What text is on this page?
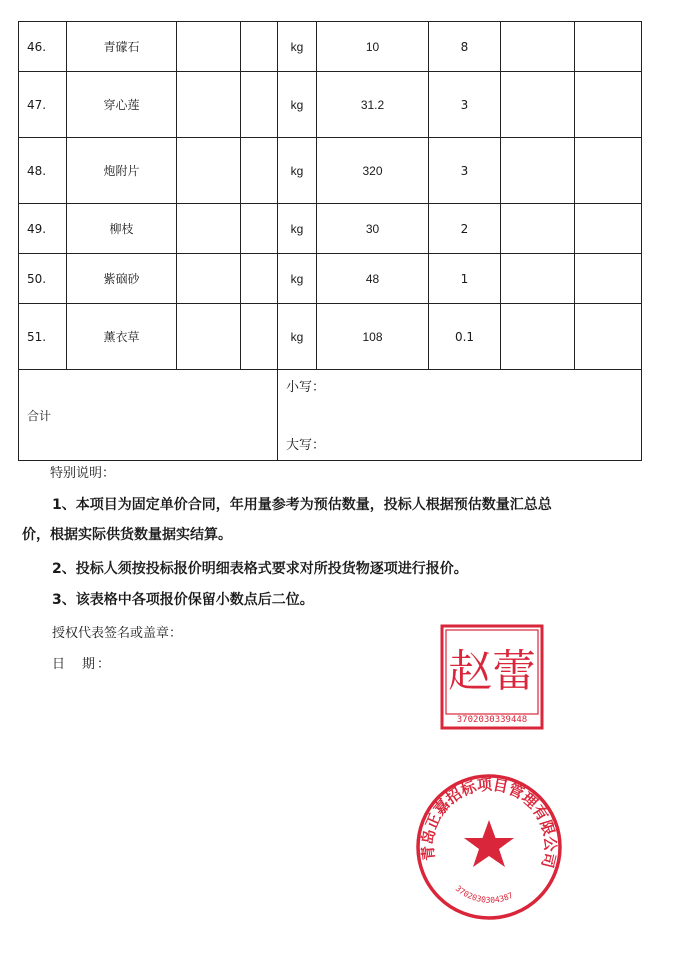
46.	青礞石			kg	10	8		
47.	穿心莲			kg	31.2	3		
48.	炮附片			kg	320	3		
49.	柳枝			kg	30	2		
50.	紫硇砂			kg	48	1		
51.	薰衣草			kg	108	0.1		
合计				小写：
大写：				

特别说明：

1、本项目为固定单价合同，年用量参考为预估数量，投标人根据预估数量汇总总

价，根据实际供货数量据实结算。

2、投标人须按投标报价明细表格式要求对所投货物逐项进行报价。

3、该表格中各项报价保留小数点后二位。

授权代表签名或盖章：

日　期：	赵蕾
3702030339448
青岛正嘉招标项目管理有限公司
3702030304387
